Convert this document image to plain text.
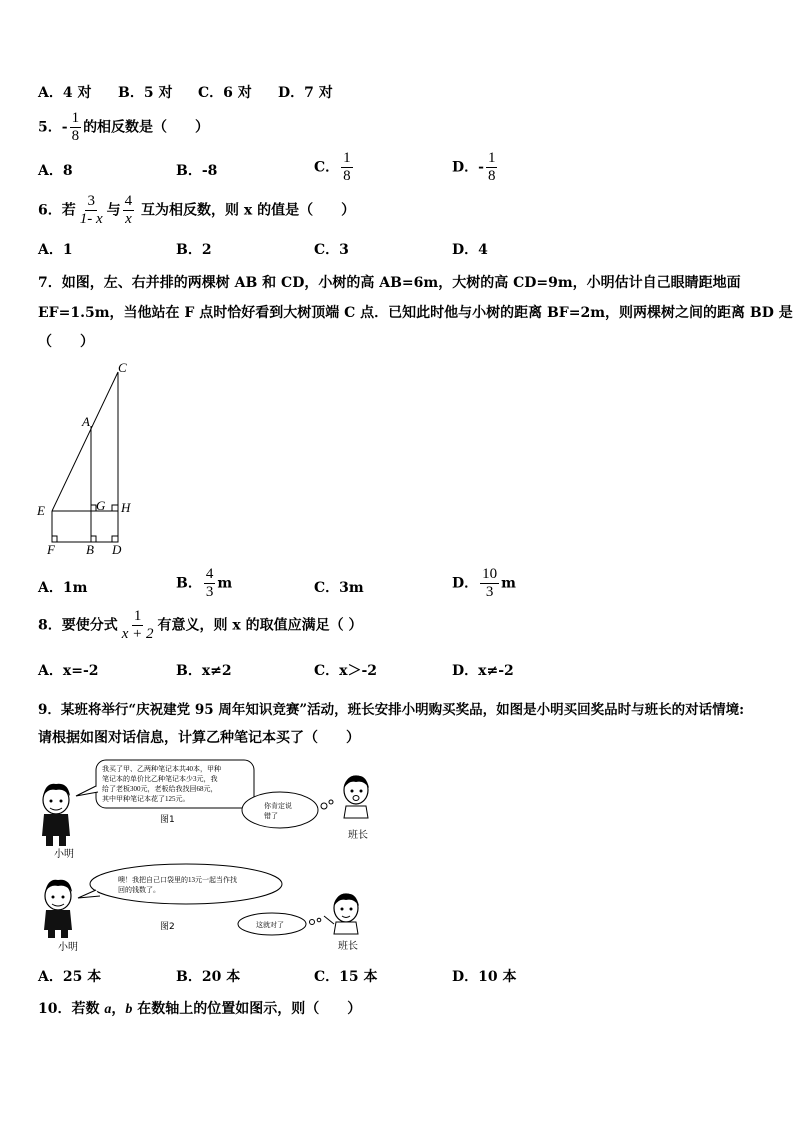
A．4 对 B．5 对 C．6 对 D．7 对
5．- $\frac{1}{8}$ 的相反数是（　　）
A．8	B．-8	C． $\frac{1}{8}$	D．- $\frac{1}{8}$
6．若 $\frac{3}{1- x}$ 与 $\frac{4}{x}$ 互为相反数，则 x 的值是（　　）
A．1	B．2	C．3	D．4
7．如图，左、右并排的两棵树 AB 和 CD，小树的高 AB=6m，大树的高 CD=9m，小明估计自己眼睛距地面
EF=1.5m，当他站在 F 点时恰好看到大树顶端 C 点．已知此时他与小树的距离 BF=2m，则两棵树之间的距离 BD 是
（　　）
C
A
E	G H
F B D
A．1m	B． $\frac{4}{3}$ m	C．3m	D． $\frac{10}{3}$ m
8．要使分式 $\frac{1}{x + 2}$ 有意义，则 x 的取值应满足（ ）
A．x=-2	B．x≠2	C．x＞-2	D．x≠-2
9．某班将举行“庆祝建党 95 周年知识竞赛”活动，班长安排小明购买奖品，如图是小明买回奖品时与班长的对话情境:
请根据如图对话信息，计算乙种笔记本买了（　　）
小明
我买了甲、乙两种笔记本共40本，甲种
笔记本的单价比乙种笔记本少3元，我
给了老板300元，老板给我找回68元，
其中甲种笔记本花了125元。
图1
你肯定说
错了
班长
小明
噢！我把自己口袋里的13元一起当作找
回的钱数了。
图2	这就对了
班长
A．25 本	B．20 本	C．15 本	D．10 本
10．若数 a，b 在数轴上的位置如图示，则（　　）
